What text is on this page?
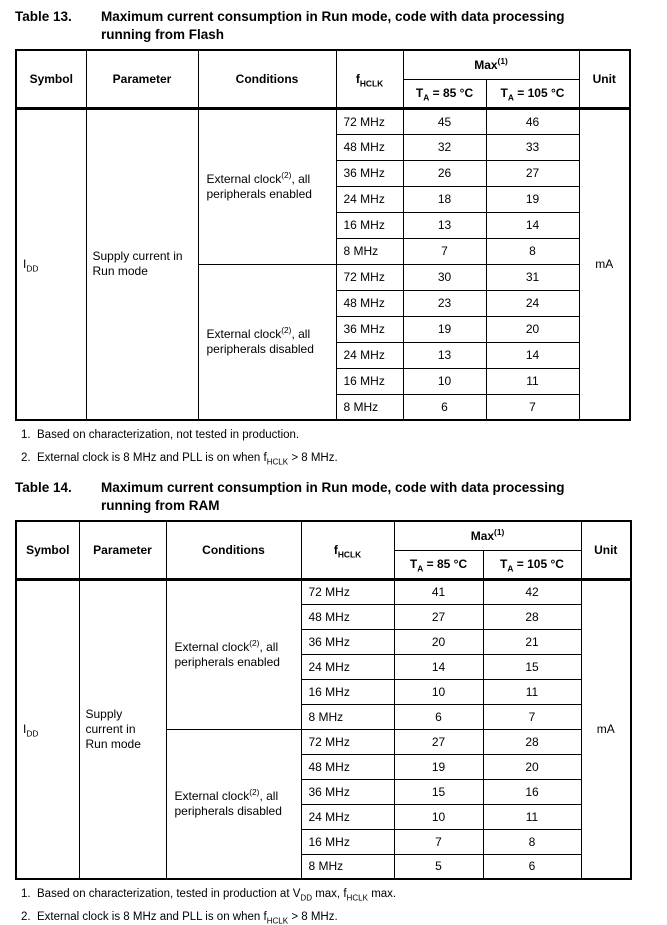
Table 13.	Maximum current consumption in Run mode, code with data processing
running from Flash
Symbol	Parameter	Conditions	$f_{HCLK}$	Max$^{(1)}$		Unit
				$T_A = 85$ °C	$T_A = 105$ °C	
$I_{DD}$	
Supply current in
Run mode

External clock$^{(2)}$, all
peripherals enabled
	72 MHz	45	46	mA
			48 MHz	32	33	
			36 MHz	26	27	
			24 MHz	18	19	
			16 MHz	13	14	
			8 MHz	7	8	

		External clock$^{(2)}$, all
peripherals disabled	72 MHz	30	31	
			48 MHz	23	24	
			36 MHz	19	20	
			24 MHz	13	14	
			16 MHz	10	11	
			8 MHz	6	7	
1. Based on characterization, not tested in production.
2. External clock is 8 MHz and PLL is on when $f_{HCLK} > 8$ MHz.
Table 14.	Maximum current consumption in Run mode, code with data processing
running from RAM
Symbol	Parameter	Conditions	$f_{HCLK}$	Max$^{(1)}$		Unit
				$T_A = 85$ °C	$T_A = 105$ °C	
$I_{DD}$	
Supply
current in
Run mode

External clock$^{(2)}$, all
peripherals enabled
	72 MHz	41	42	mA
			48 MHz	27	28	
			36 MHz	20	21	
			24 MHz	14	15	
			16 MHz	10	11	
			8 MHz	6	7	

		External clock$^{(2)}$, all
peripherals disabled	72 MHz	27	28	
			48 MHz	19	20	
			36 MHz	15	16	
			24 MHz	10	11	
			16 MHz	7	8	
			8 MHz	5	6	
1. Based on characterization, tested in production at $V_{DD}$ max, $f_{HCLK}$ max.
2. External clock is 8 MHz and PLL is on when $f_{HCLK} > 8$ MHz.
